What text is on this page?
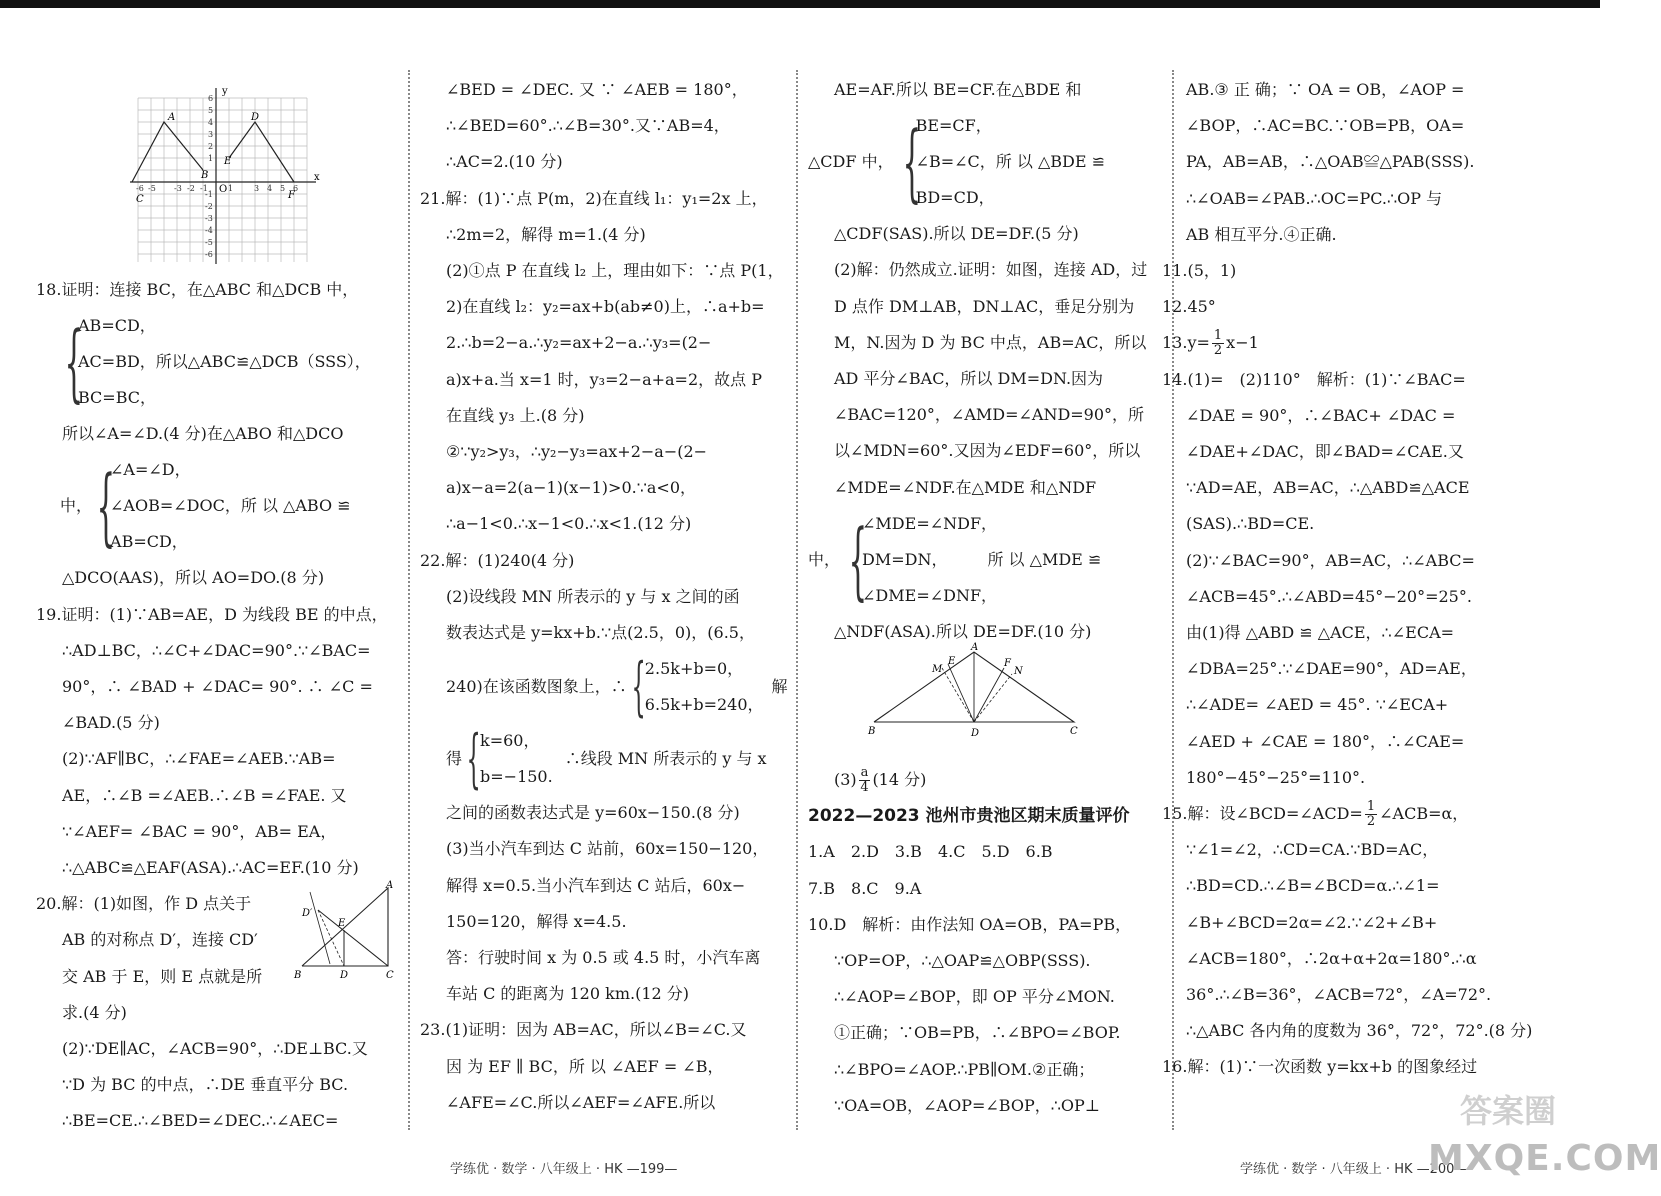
y
x
O
6
5
4
3
2
1
-1
-2
-3
-4
-5
-6
-6 -5 -3 -2 -1	1	3 4 5 6
A
B
C
D
E
F

18.证明：连接 BC，在△ABC 和△DCB 中，

{

AB=CD，

AC=BD，所以△ABC≌△DCB（SSS），

BC=BC，

所以∠A=∠D.(4 分)在△ABO 和△DCO

中， {

∠A=∠D，

∠AOB=∠DOC，所 以 △ABO ≌

AB=CD，

△DCO(AAS)，所以 AO=DO.(8 分)

19.证明：(1)∵AB=AE，D 为线段 BE 的中点，

∴AD⊥BC，∴∠C+∠DAC=90°.∵∠BAC=

90°，∴ ∠BAD + ∠DAC= 90°. ∴ ∠C =

∠BAD.(5 分)

(2)∵AF∥BC，∴∠FAE=∠AEB.∵AB=

AE，∴∠B =∠AEB.∴∠B =∠FAE. 又

∵∠AEF= ∠BAC = 90°，AB= EA，

∴△ABC≌△EAF(ASA).∴AC=EF.(10 分)

20.解：(1)如图，作 D 点关于

AB 的对称点 D′，连接 CD′

交 AB 于 E，则 E 点就是所

求.(4 分)

(2)∵DE∥AC，∠ACB=90°，∴DE⊥BC.又

∵D 为 BC 的中点，∴DE 垂直平分 BC.

∴BE=CE.∴∠BED=∠DEC.∴∠AEC=

A
D′
E
B	D	C

∠BED = ∠DEC. 又 ∵ ∠AEB = 180°，

∴∠BED=60°.∴∠B=30°.又∵AB=4，

∴AC=2.(10 分)

21.解：(1)∵点 P(m，2)在直线 l₁：y₁=2x 上，

∴2m=2，解得 m=1.(4 分)

(2)①点 P 在直线 l₂ 上，理由如下：∵点 P(1，

2)在直线 l₂：y₂=ax+b(ab≠0)上，∴a+b=

2.∴b=2−a.∴y₂=ax+2−a.∴y₃=(2−

a)x+a.当 x=1 时，y₃=2−a+a=2，故点 P

在直线 y₃ 上.(8 分)

②∵y₂>y₃，∴y₂−y₃=ax+2−a−(2−

a)x−a=2(a−1)(x−1)>0.∵a<0，

∴a−1<0.∴x−1<0.∴x<1.(12 分)

22.解：(1)240(4 分)

(2)设线段 MN 所表示的 y 与 x 之间的函

数表达式是 y=kx+b.∵点(2.5，0)，(6.5，

240)在该函数图象上，∴ { 2.5k+b=0，

6.5k+b=240，

解
得 { k=60，

b=−150.

∴线段 MN 所表示的 y 与 x

之间的函数表达式是 y=60x−150.(8 分)

(3)当小汽车到达 C 站前，60x=150−120，

解得 x=0.5.当小汽车到达 C 站后，60x−

150=120，解得 x=4.5.

答：行驶时间 x 为 0.5 或 4.5 时，小汽车离

车站 C 的距离为 120 km.(12 分)

23.(1)证明：因为 AB=AC，所以∠B=∠C.又

因 为 EF ∥ BC，所 以 ∠AEF = ∠B，

∠AFE=∠C.所以∠AEF=∠AFE.所以

AE=AF.所以 BE=CF.在△BDE 和

△CDF 中， {

BE=CF，

∠B=∠C，所 以 △BDE ≌

BD=CD，

△CDF(SAS).所以 DE=DF.(5 分)

(2)解：仍然成立.证明：如图，连接 AD，过

D 点作 DM⊥AB，DN⊥AC，垂足分别为

M，N.因为 D 为 BC 中点，AB=AC，所以

AD 平分∠BAC，所以 DM=DN.因为

∠BAC=120°，∠AMD=∠AND=90°，所

以∠MDN=60°.又因为∠EDF=60°，所以

∠MDE=∠NDF.在△MDE 和△NDF

中， {

∠MDE=∠NDF，

DM=DN，　　　所 以 △MDE ≌

∠DME=∠DNF，

△NDF(ASA).所以 DE=DF.(10 分)

$(3) \frac{a}{4} (14$ 分)

2022—2023 池州市贵池区期末质量评价

1.A　2.D　3.B　4.C　5.D　6.B

7.B　8.C　9.A

10.D　解析：由作法知 OA=OB，PA=PB，

∵OP=OP，∴△OAP≌△OBP(SSS).

∴∠AOP=∠BOP，即 OP 平分∠MON.

①正确；∵OB=PB，∴∠BPO=∠BOP.

∴∠BPO=∠AOP.∴PB∥OM.②正确；

∵OA=OB，∠AOP=∠BOP，∴OP⊥

M
E
A
F
N
B	D	C

AB.③ 正 确；∵ OA = OB，∠AOP =

∠BOP，∴AC=BC.∵OB=PB，OA=

PA，AB=AB，∴△OAB≌△PAB(SSS).

∴∠OAB=∠PAB.∴OC=PC.∴OP 与

AB 相互平分.④正确.

11.(5，1)

12.45°

$13.y= \frac{1}{2} x-1$

14.(1)=　(2)110°　解析：(1)∵∠BAC=

∠DAE = 90°，∴∠BAC+ ∠DAC =

∠DAE+∠DAC，即∠BAD=∠CAE.又

∵AD=AE，AB=AC，∴△ABD≌△ACE

(SAS).∴BD=CE.

(2)∵∠BAC=90°，AB=AC，∴∠ABC=

∠ACB=45°.∴∠ABD=45°−20°=25°.

由(1)得 △ABD ≌ △ACE，∴∠ECA=

∠DBA=25°.∵∠DAE=90°，AD=AE，

∴∠ADE= ∠AED = 45°. ∵∠ECA+

∠AED + ∠CAE = 180°，∴∠CAE=

180°−45°−25°=110°.

15.解：设∠BCD=∠ACD= $\frac{1}{2}$ ∠ACB=α，

∵∠1=∠2，∴CD=CA.∵BD=AC，

∴BD=CD.∴∠B=∠BCD=α.∴∠1=

∠B+∠BCD=2α=∠2.∵∠2+∠B+

∠ACB=180°，∴2α+α+2α=180°.∴α

36°.∴∠B=36°，∠ACB=72°，∠A=72°.

∴△ABC 各内角的度数为 36°，72°，72°.(8 分)

16.解：(1)∵一次函数 y=kx+b 的图象经过

学练优 · 数学 · 八年级上 · HK —199—	学练优 · 数学 · 八年级上 · HK —200—
答案圈
MXQE.COM
